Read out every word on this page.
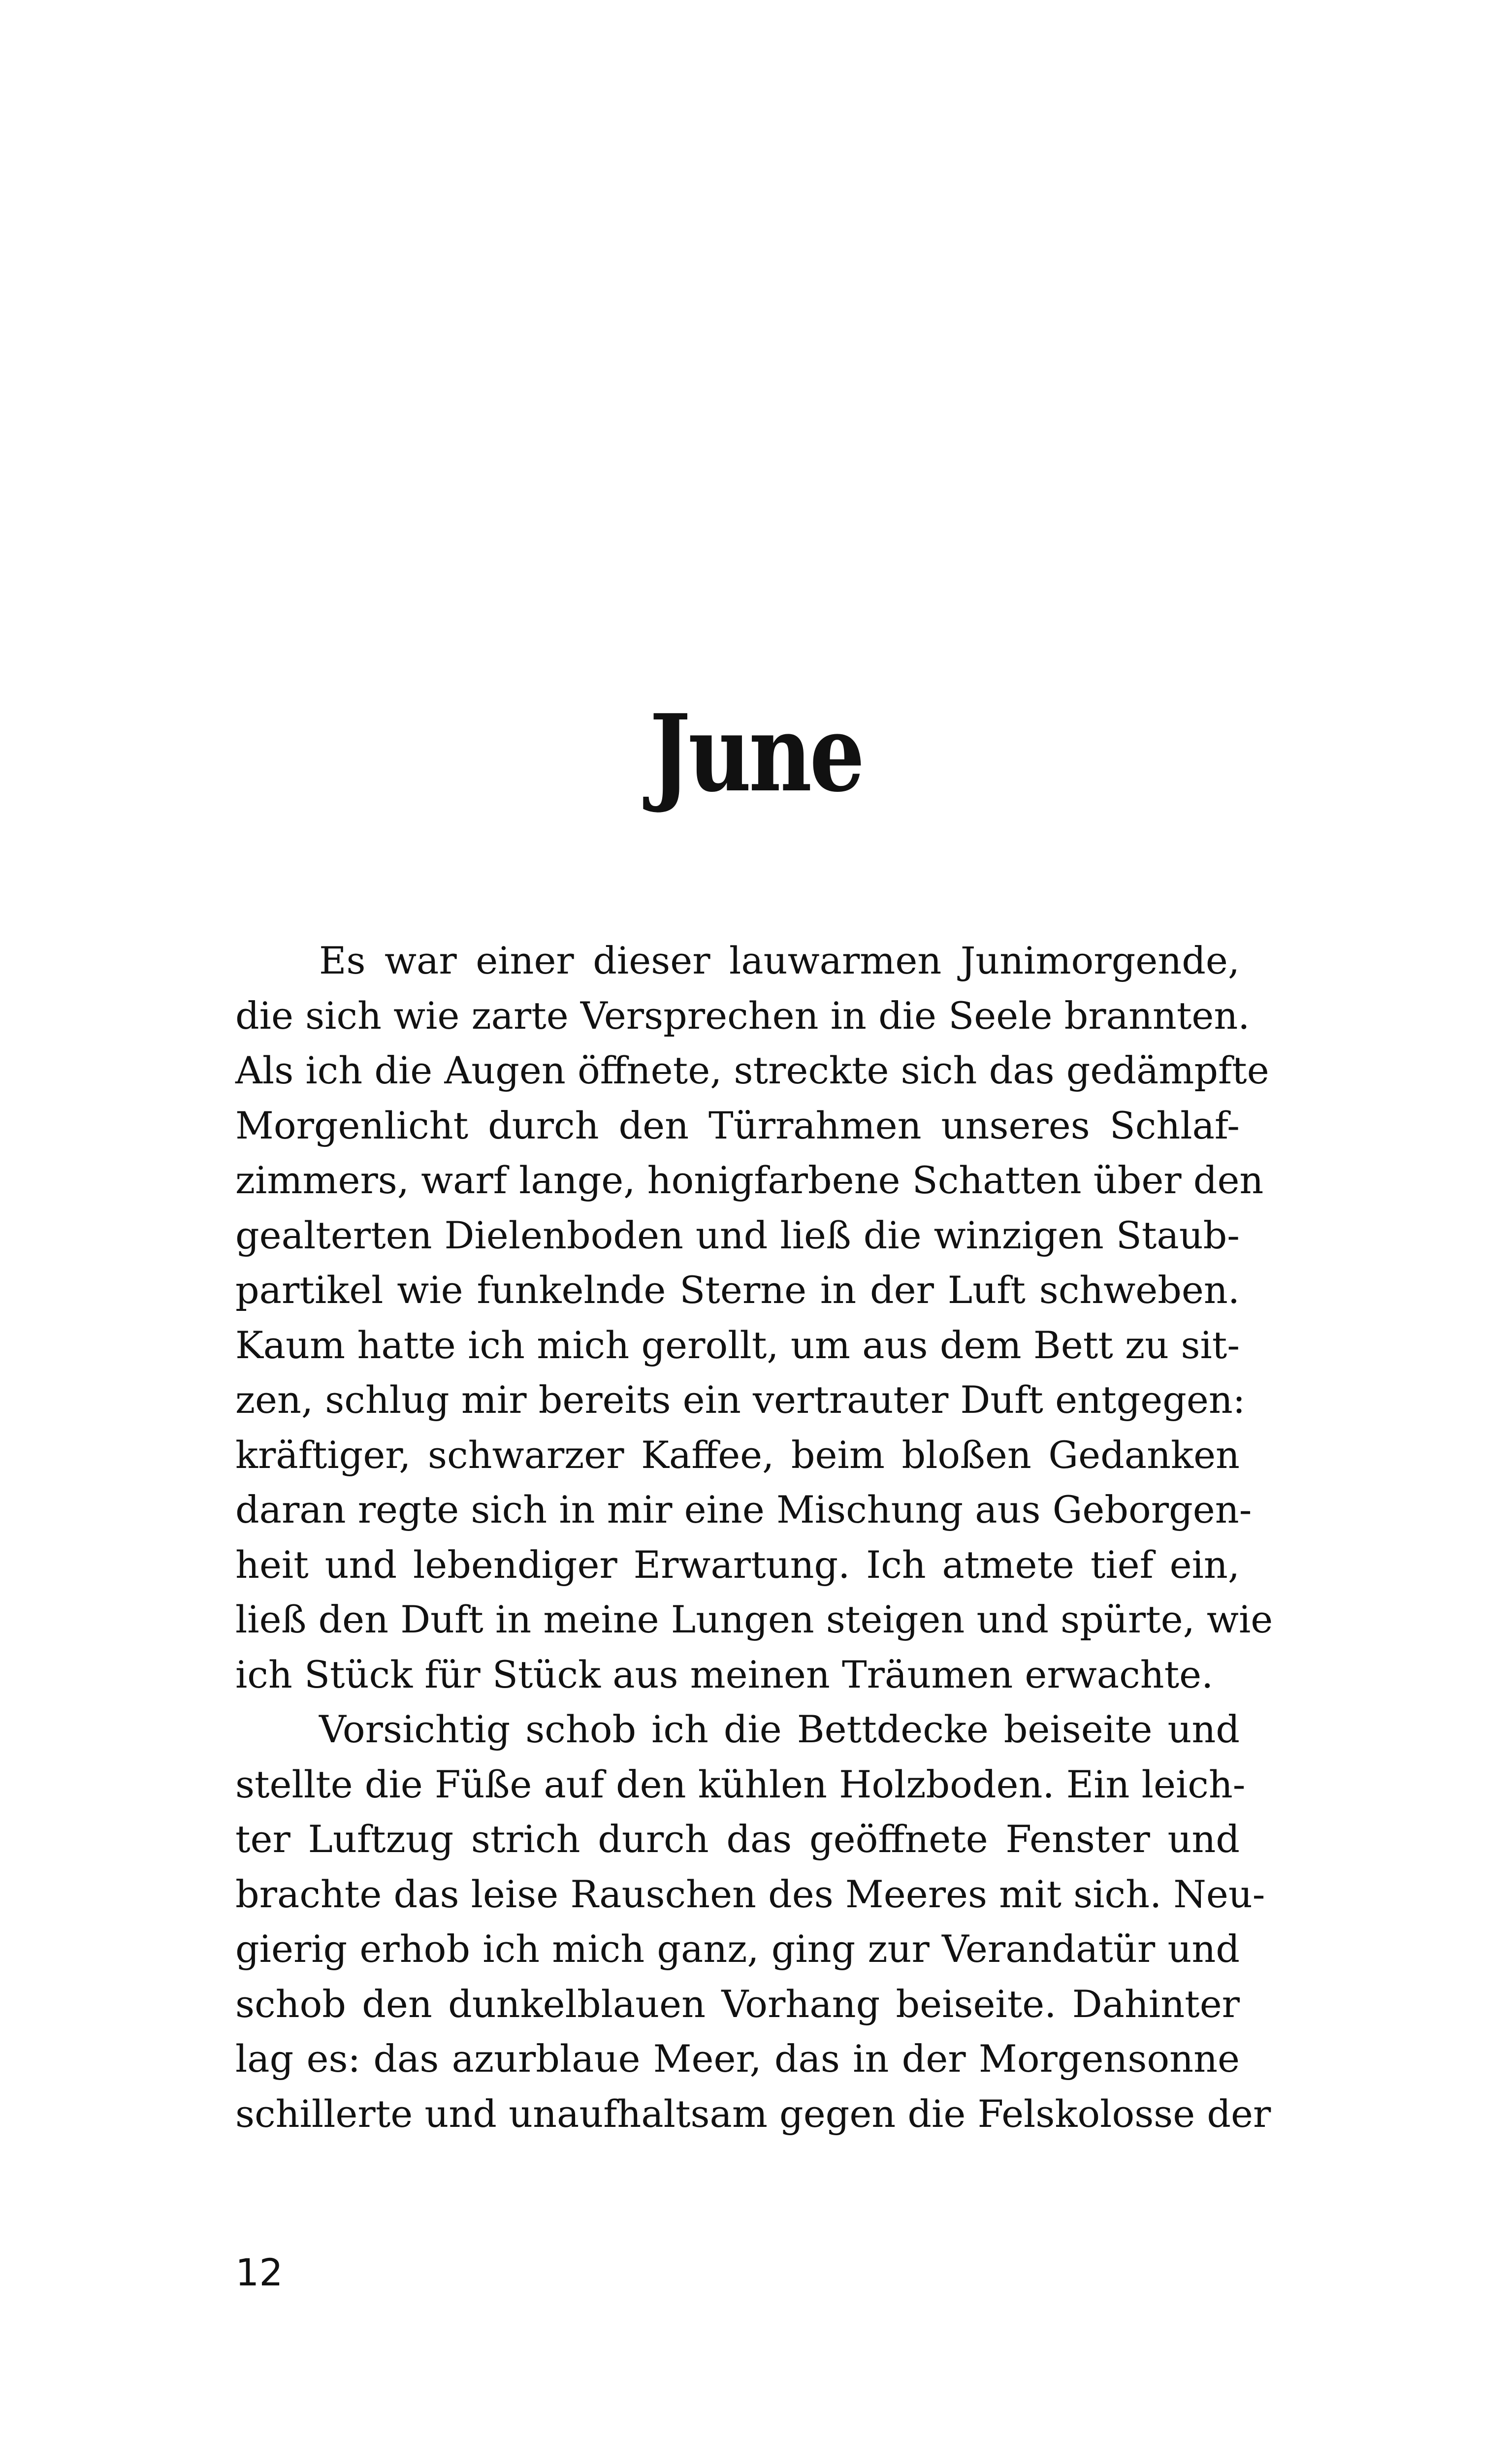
June
Es war einer dieser lauwarmen Junimorgende,
die sich wie zarte Versprechen in die Seele brannten.
Als ich die Augen öffnete, streckte sich das gedämpfte
Morgenlicht durch den Türrahmen unseres Schlaf-
zimmers, warf lange, honigfarbene Schatten über den
gealterten Dielenboden und ließ die winzigen Staub-
partikel wie funkelnde Sterne in der Luft schweben.
Kaum hatte ich mich gerollt, um aus dem Bett zu sit-
zen, schlug mir bereits ein vertrauter Duft entgegen:
kräftiger, schwarzer Kaffee, beim bloßen Gedanken
daran regte sich in mir eine Mischung aus Geborgen-
heit und lebendiger Erwartung. Ich atmete tief ein,
ließ den Duft in meine Lungen steigen und spürte, wie
ich Stück für Stück aus meinen Träumen erwachte.
Vorsichtig schob ich die Bettdecke beiseite und
stellte die Füße auf den kühlen Holzboden. Ein leich-
ter Luftzug strich durch das geöffnete Fenster und
brachte das leise Rauschen des Meeres mit sich. Neu-
gierig erhob ich mich ganz, ging zur Verandatür und
schob den dunkelblauen Vorhang beiseite. Dahinter
lag es: das azurblaue Meer, das in der Morgensonne
schillerte und unaufhaltsam gegen die Felskolosse der
12
